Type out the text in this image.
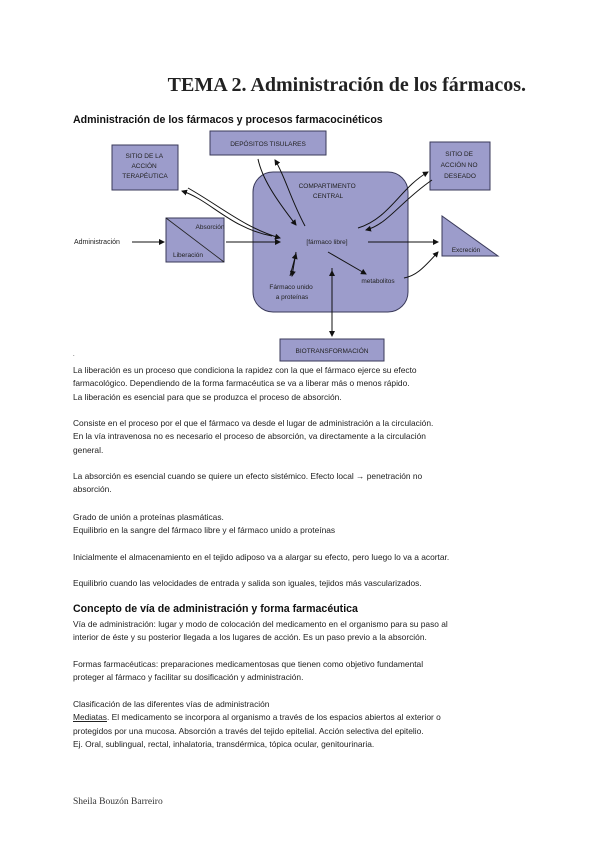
TEMA 2. Administración de los fármacos.
Administración de los fármacos y procesos farmacocinéticos
SITIO DE LA ACCIÓN TERAPÉUTICA
DEPÓSITOS TISULARES
SITIO DE ACCIÓN NO DESEADO
COMPARTIMENTO CENTRAL
[fármaco libre]
Fármaco unido a proteínas
metabolitos
Absorción
Liberación
Administración
Excreción
BIOTRANSFORMACIÓN
.
La liberación es un proceso que condiciona la rapidez con la que el fármaco ejerce su efecto
farmacológico. Dependiendo de la forma farmacéutica se va a liberar más o menos rápido.
La liberación es esencial para que se produzca el proceso de absorción.
Consiste en el proceso por el que el fármaco va desde el lugar de administración a la circulación.
En la vía intravenosa no es necesario el proceso de absorción, va directamente a la circulación
general.
La absorción es esencial cuando se quiere un efecto sistémico. Efecto local → penetración no
absorción.
Grado de unión a proteínas plasmáticas.
Equilibrio en la sangre del fármaco libre y el fármaco unido a proteínas
Inicialmente el almacenamiento en el tejido adiposo va a alargar su efecto, pero luego lo va a acortar.
Equilibrio cuando las velocidades de entrada y salida son iguales, tejidos más vascularizados.
Concepto de vía de administración y forma farmacéutica
Vía de administración: lugar y modo de colocación del medicamento en el organismo para su paso al
interior de éste y su posterior llegada a los lugares de acción. Es un paso previo a la absorción.
Formas farmacéuticas: preparaciones medicamentosas que tienen como objetivo fundamental
proteger al fármaco y facilitar su dosificación y administración.
Clasificación de las diferentes vías de administración
Mediatas. El medicamento se incorpora al organismo a través de los espacios abiertos al exterior o
protegidos por una mucosa. Absorción a través del tejido epitelial. Acción selectiva del epitelio.
Ej. Oral, sublingual, rectal, inhalatoria, transdérmica, tópica ocular, genitourinaria.
Sheila Bouzón Barreiro
